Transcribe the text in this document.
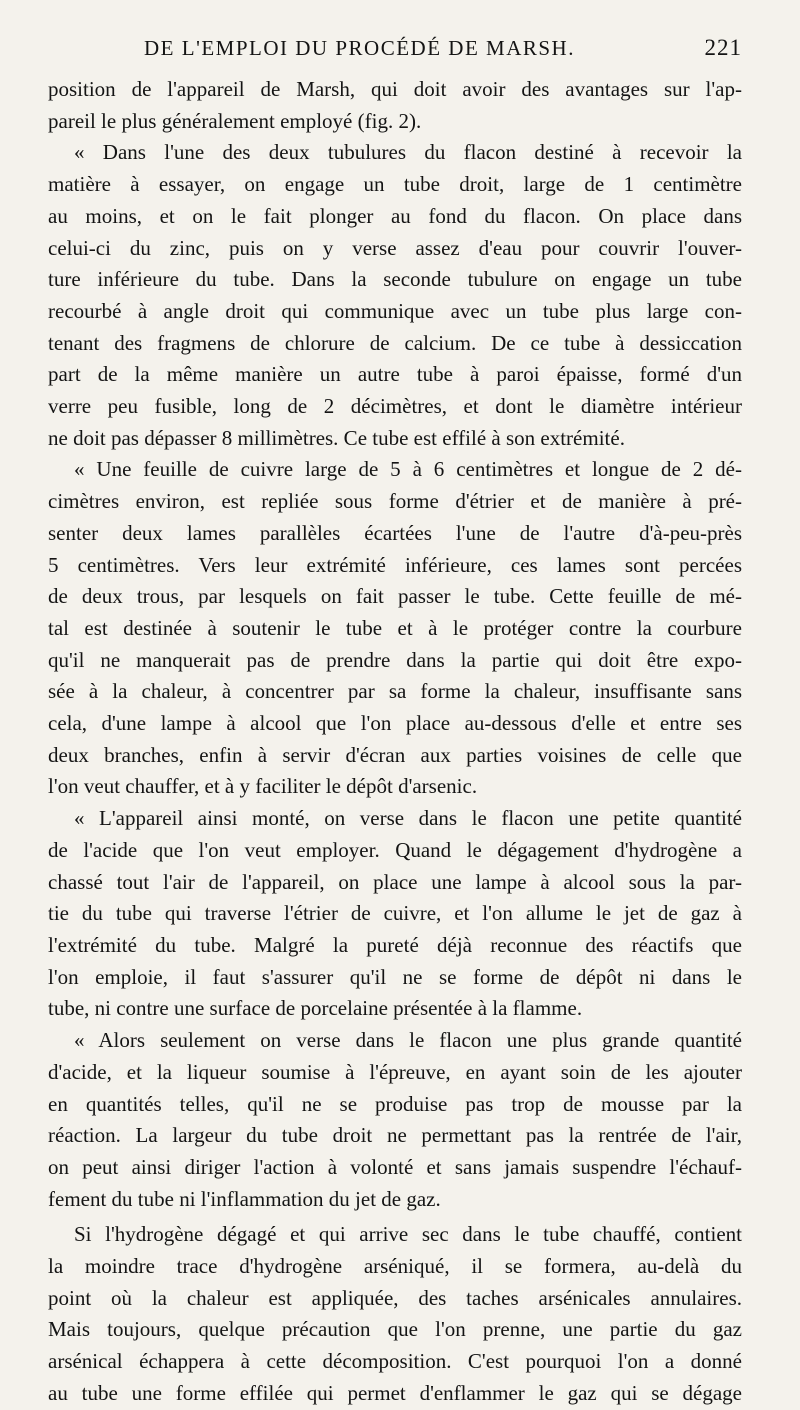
DE L'EMPLOI DU PROCÉDÉ DE MARSH.	221
position de l'appareil de Marsh, qui doit avoir des avantages sur l'ap-
pareil le plus généralement employé (fig. 2).
« Dans l'une des deux tubulures du flacon destiné à recevoir la
matière à essayer, on engage un tube droit, large de 1 centimètre
au moins, et on le fait plonger au fond du flacon. On place dans
celui-ci du zinc, puis on y verse assez d'eau pour couvrir l'ouver-
ture inférieure du tube. Dans la seconde tubulure on engage un tube
recourbé à angle droit qui communique avec un tube plus large con-
tenant des fragmens de chlorure de calcium. De ce tube à dessiccation
part de la même manière un autre tube à paroi épaisse, formé d'un
verre peu fusible, long de 2 décimètres, et dont le diamètre intérieur
ne doit pas dépasser 8 millimètres. Ce tube est effilé à son extrémité.
« Une feuille de cuivre large de 5 à 6 centimètres et longue de 2 dé-
cimètres environ, est repliée sous forme d'étrier et de manière à pré-
senter deux lames parallèles écartées l'une de l'autre d'à-peu-près
5 centimètres. Vers leur extrémité inférieure, ces lames sont percées
de deux trous, par lesquels on fait passer le tube. Cette feuille de mé-
tal est destinée à soutenir le tube et à le protéger contre la courbure
qu'il ne manquerait pas de prendre dans la partie qui doit être expo-
sée à la chaleur, à concentrer par sa forme la chaleur, insuffisante sans
cela, d'une lampe à alcool que l'on place au-dessous d'elle et entre ses
deux branches, enfin à servir d'écran aux parties voisines de celle que
l'on veut chauffer, et à y faciliter le dépôt d'arsenic.
« L'appareil ainsi monté, on verse dans le flacon une petite quantité
de l'acide que l'on veut employer. Quand le dégagement d'hydrogène a
chassé tout l'air de l'appareil, on place une lampe à alcool sous la par-
tie du tube qui traverse l'étrier de cuivre, et l'on allume le jet de gaz à
l'extrémité du tube. Malgré la pureté déjà reconnue des réactifs que
l'on emploie, il faut s'assurer qu'il ne se forme de dépôt ni dans le
tube, ni contre une surface de porcelaine présentée à la flamme.
« Alors seulement on verse dans le flacon une plus grande quantité
d'acide, et la liqueur soumise à l'épreuve, en ayant soin de les ajouter
en quantités telles, qu'il ne se produise pas trop de mousse par la
réaction. La largeur du tube droit ne permettant pas la rentrée de l'air,
on peut ainsi diriger l'action à volonté et sans jamais suspendre l'échauf-
fement du tube ni l'inflammation du jet de gaz.
Si l'hydrogène dégagé et qui arrive sec dans le tube chauffé, contient
la moindre trace d'hydrogène arséniqué, il se formera, au-delà du
point où la chaleur est appliquée, des taches arsénicales annulaires.
Mais toujours, quelque précaution que l'on prenne, une partie du gaz
arsénical échappera à cette décomposition. C'est pourquoi l'on a donné
au tube une forme effilée qui permet d'enflammer le gaz qui se dégage
